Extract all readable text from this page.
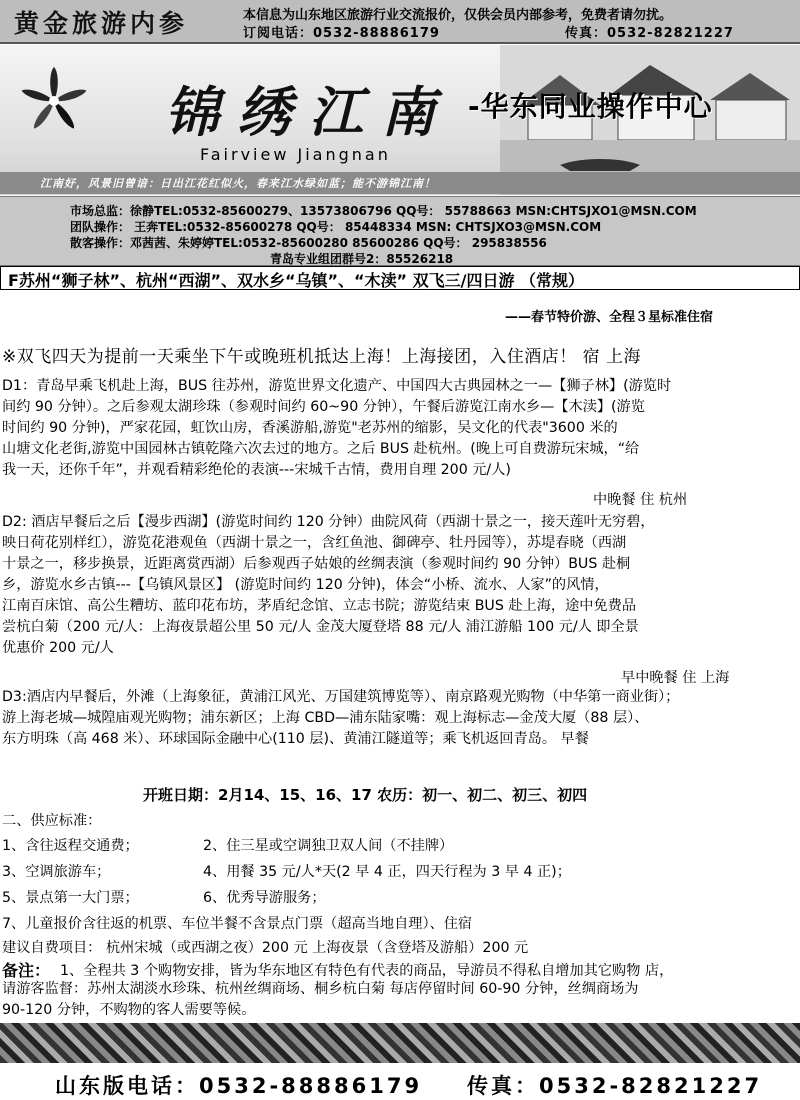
黄金旅游内参	本信息为山东地区旅游行业交流报价，仅供会员内部参考，免费者请勿扰。
订阅电话：0532-88886179	传真：0532-82821227
锦绣江南 -华东同业操作中心
Fairview Jiangnan
江南好，风景旧曾谙：日出江花红似火，春来江水绿如蓝；能不游锦江南！
市场总监：徐静TEL:0532-85600279、13573806796 QQ号： 55788663 MSN:CHTSJXO1@MSN.COM
团队操作： 王奔TEL:0532-85600278 QQ号： 85448334 MSN: CHTSJXO3@MSN.COM
散客操作：邓茜茜、朱婷婷TEL:0532-85600280 85600286 QQ号： 295838556
青岛专业组团群号2：85526218
F苏州“狮子林”、杭州“西湖”、双水乡“乌镇”、“木渎” 双飞三/四日游 （常规）
——春节特价游、全程３星标准住宿
※双飞四天为提前一天乘坐下午或晚班机抵达上海！上海接团，入住酒店！ 宿 上海
D1：青岛早乘飞机赴上海，BUS 往苏州，游览世界文化遗产、中国四大古典园林之一—【狮子林】(游览时
间约 90 分钟）。之后参观太湖珍珠（参观时间约 60~90 分钟），午餐后游览江南水乡—【木渎】(游览
时间约 90 分钟)，严家花园，虹饮山房，香溪游船,游览"老苏州的缩影，吴文化的代表"3600 米的
山塘文化老街,游览中国园林古镇乾隆六次去过的地方。之后 BUS 赴杭州。(晚上可自费游玩宋城，“给
我一天，还你千年”，并观看精彩绝伦的表演---宋城千古情，费用自理 200 元/人)
中晚餐 住 杭州
D2: 酒店早餐后之后【漫步西湖】(游览时间约 120 分钟）曲院风荷（西湖十景之一，接天莲叶无穷碧，
映日荷花别样红），游览花港观鱼（西湖十景之一，含红鱼池、御碑亭、牡丹园等），苏堤春晓（西湖
十景之一，移步换景，近距离赏西湖）后参观西子姑娘的丝绸表演（参观时间约 90 分钟）BUS 赴桐
乡，游览水乡古镇---【乌镇风景区】 (游览时间约 120 分钟)，体会“小桥、流水、人家”的风情，
江南百床馆、高公生糟坊、蓝印花布坊，茅盾纪念馆、立志书院；游览结束 BUS 赴上海，途中免费品
尝杭白菊（200 元/人：上海夜景超公里 50 元/人 金茂大厦登塔 88 元/人 浦江游船 100 元/人 即全景
优惠价 200 元/人
早中晚餐 住 上海
D3:酒店内早餐后，外滩（上海象征，黄浦江风光、万国建筑博览等）、南京路观光购物（中华第一商业街）；
游上海老城—城隍庙观光购物；浦东新区；上海 CBD—浦东陆家嘴：观上海标志—金茂大厦（88 层）、
东方明珠（高 468 米）、环球国际金融中心(110 层)、黄浦江隧道等；乘飞机返回青岛。 早餐
开班日期：2月14、15、16、17 农历：初一、初二、初三、初四
二、供应标准：
1、含往返程交通费；	2、住三星或空调独卫双人间（不挂牌）
3、空调旅游车；	4、用餐 35 元/人*天(2 早 4 正，四天行程为 3 早 4 正)；
5、景点第一大门票；	6、优秀导游服务；
7、儿童报价含往返的机票、车位半餐不含景点门票（超高当地自理）、住宿
建议自费项目： 杭州宋城（或西湖之夜）200 元 上海夜景（含登塔及游船）200 元
备注： 1、全程共 3 个购物安排，皆为华东地区有特色有代表的商品，导游员不得私自增加其它购物 店，
请游客监督：苏州太湖淡水珍珠、杭州丝绸商场、桐乡杭白菊 每店停留时间 60-90 分钟，丝绸商场为
90-120 分钟，不购物的客人需要等候。
山东版电话：0532-88886179 传真：0532-82821227
